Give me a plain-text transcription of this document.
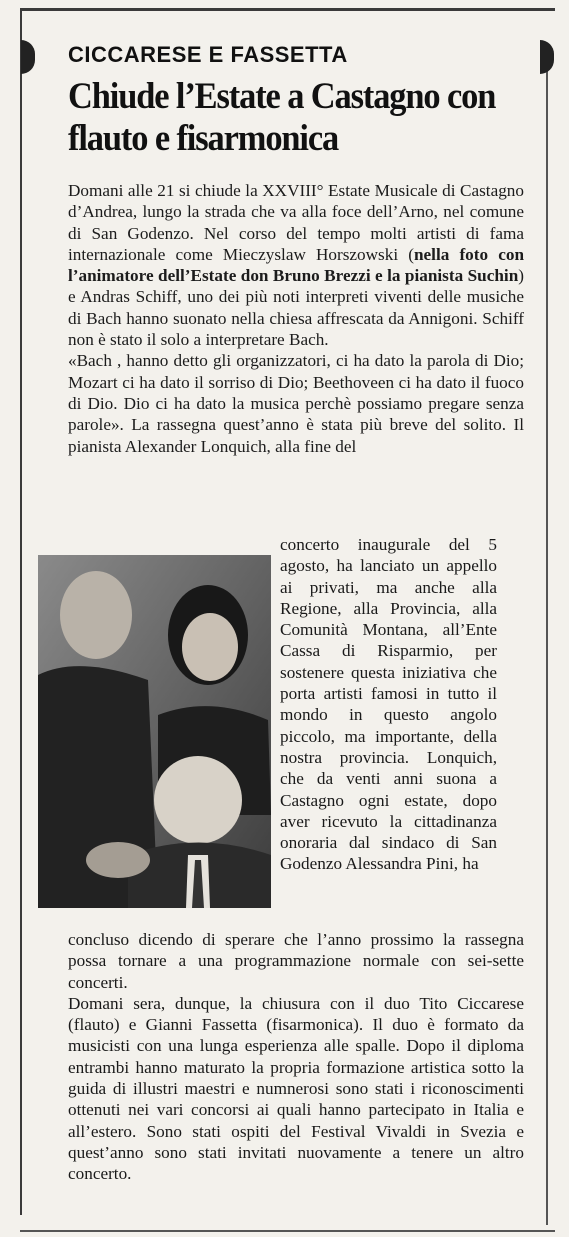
CICCARESE E FASSETTA
Chiude l’Estate a Castagno con flauto e fisarmonica
Domani alle 21 si chiude la XXVIII° Estate Musicale di Castagno d’Andrea, lungo la strada che va alla foce dell’Arno, nel comune di San Godenzo. Nel corso del tempo molti artisti di fama internazionale come Mieczyslaw Horszowski (nella foto con l’animatore dell’Estate don Bruno Brezzi e la pianista Suchin) e Andras Schiff, uno dei più noti interpreti viventi delle musiche di Bach hanno suonato nella chiesa affrescata da Annigoni. Schiff non è stato il solo a interpretare Bach.
«Bach , hanno detto gli organizzatori, ci ha dato la parola di Dio; Mozart ci ha dato il sorriso di Dio; Beethoveen ci ha dato il fuoco di Dio. Dio ci ha dato la musica perchè possiamo pregare senza parole». La rassegna quest’anno è stata più breve del solito. Il pianista Alexander Lonquich, alla fine del
concerto inaugurale del 5 agosto, ha lanciato un appello ai privati, ma anche alla Regione, alla Provincia, alla Comunità Montana, all’Ente Cassa di Risparmio, per sostenere questa iniziativa che porta artisti famosi in tutto il mondo in questo angolo piccolo, ma importante, della nostra provincia. Lonquich, che da venti anni suona a Castagno ogni estate, dopo aver ricevuto la cittadinanza onoraria dal sindaco di San Godenzo Alessandra Pini, ha
concluso dicendo di sperare che l’anno prossimo la rassegna possa tornare a una programmazione normale con sei-sette concerti.
Domani sera, dunque, la chiusura con il duo Tito Ciccarese (flauto) e Gianni Fassetta (fisarmonica). Il duo è formato da musicisti con una lunga esperienza alle spalle. Dopo il diploma entrambi hanno maturato la propria formazione artistica sotto la guida di illustri maestri e numnerosi sono stati i riconoscimenti ottenuti nei vari concorsi ai quali hanno partecipato in Italia e all’estero. Sono stati ospiti del Festival Vivaldi in Svezia e quest’anno sono stati invitati nuovamente a tenere un altro concerto.
